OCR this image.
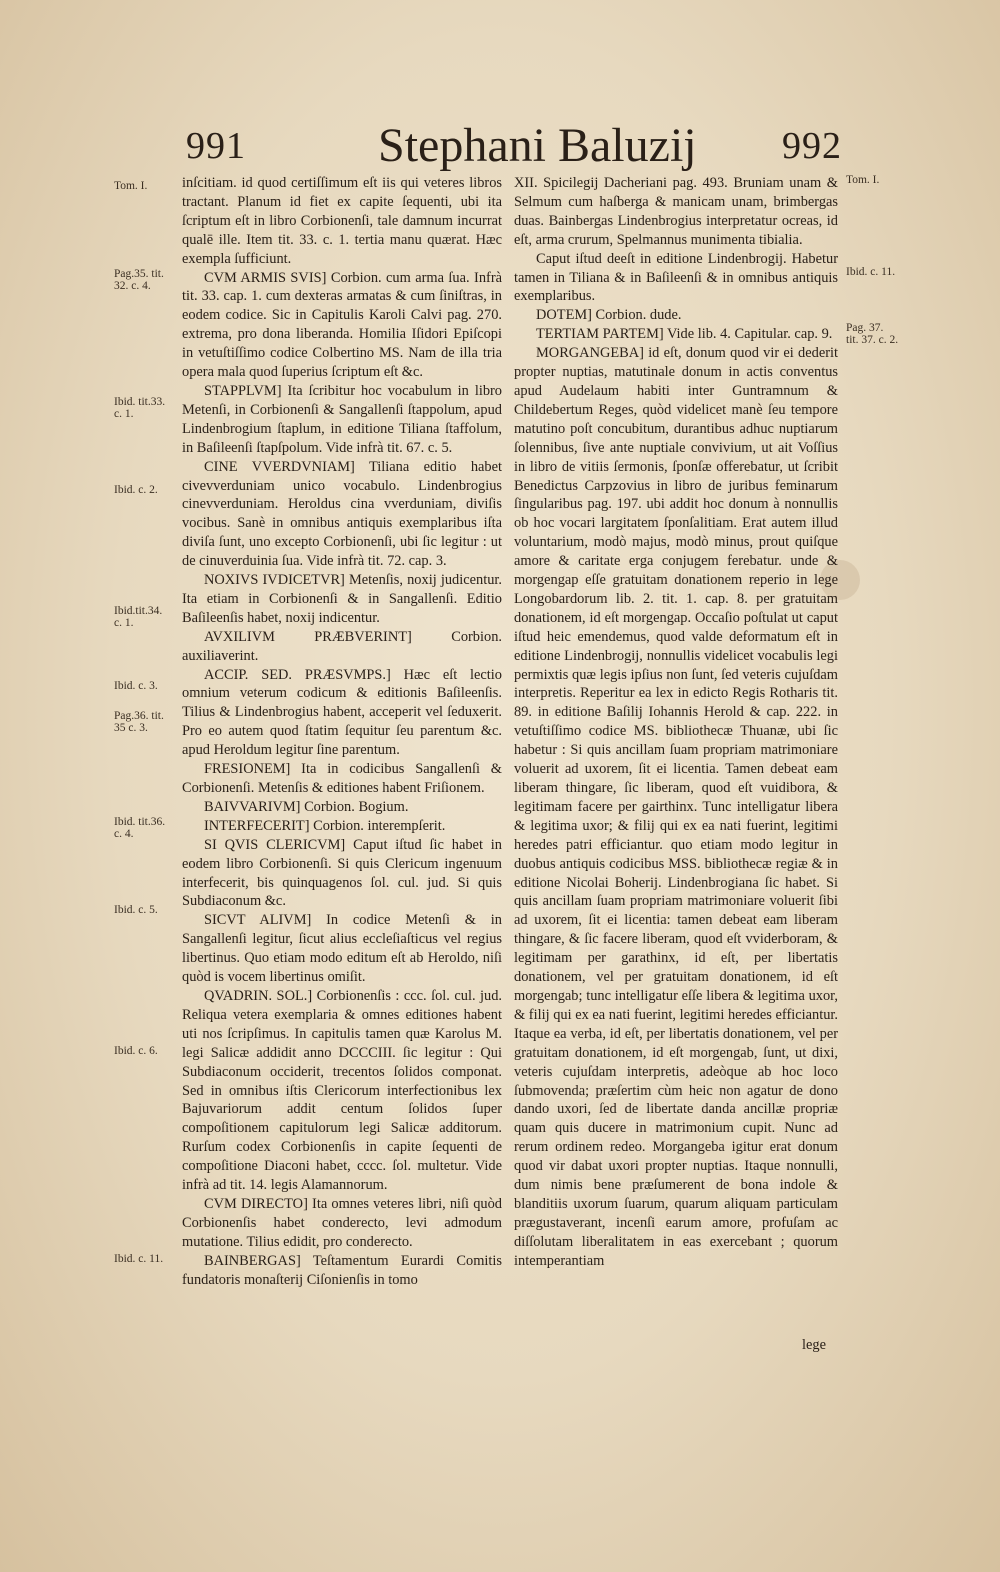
991	Stephani Baluzij 992
Tom. I.
Pag.35. tit.
32. c. 4.
Ibid. tit.33.
c. 1.
Ibid. c. 2.
Ibid.tit.34.
c. 1.
Ibid. c. 3.
Pag.36. tit.
35 c. 3.
Ibid. tit.36.
c. 4.
Ibid. c. 5.
Ibid. c. 6.
Ibid. c. 11.
Tom. I.
Ibid. c. 11.
Pag. 37.
tit. 37. c. 2.

inſcitiam. id quod certiſſimum eſt iis qui veteres libros tractant. Planum id fiet ex capite ſequenti, ubi ita ſcriptum eſt in libro Corbionenſi, tale damnum incurrat qualē ille. Item tit. 33. c. 1. tertia manu quærat. Hæc exempla ſufficiunt.

CVM ARMIS SVIS] Corbion. cum arma ſua. Infrà tit. 33. cap. 1. cum dexteras armatas & cum ſiniſtras, in eodem codice. Sic in Capitulis Karoli Calvi pag. 270. extrema, pro dona liberanda. Homilia Iſidori Epiſcopi in vetuſtiſſimo codice Colbertino MS. Nam de illa tria opera mala quod ſuperius ſcriptum eſt &c.

STAPPLVM] Ita ſcribitur hoc vocabulum in libro Metenſi, in Corbionenſi & Sangallenſi ſtappolum, apud Lindenbrogium ſtaplum, in editione Tiliana ſtaffolum, in Baſileenſi ſtapſpolum. Vide infrà tit. 67. c. 5.

CINE VVERDVNIAM] Tiliana editio habet civevverduniam unico vocabulo. Lindenbrogius cinevverduniam. Heroldus cina vverduniam, diviſis vocibus. Sanè in omnibus antiquis exemplaribus iſta diviſa ſunt, uno excepto Corbionenſi, ubi ſic legitur : ut de cinuverduinia ſua. Vide infrà tit. 72. cap. 3.

NOXIVS IVDICETVR] Metenſis, noxij judicentur. Ita etiam in Corbionenſi & in Sangallenſi. Editio Baſileenſis habet, noxij indicentur.

AVXILIVM PRÆBVERINT] Corbion. auxiliaverint.

ACCIP. SED. PRÆSVMPS.] Hæc eſt lectio omnium veterum codicum & editionis Baſileenſis. Tilius & Lindenbrogius habent, acceperit vel ſeduxerit. Pro eo autem quod ſtatim ſequitur ſeu parentum &c. apud Heroldum legitur ſine parentum.

FRESIONEM] Ita in codicibus Sangallenſi & Corbionenſi. Metenſis & editiones habent Friſionem.

BAIVVARIVM] Corbion. Bogium.

INTERFECERIT] Corbion. interempſerit.

SI QVIS CLERICVM] Caput iſtud ſic habet in eodem libro Corbionenſi. Si quis Clericum ingenuum interfecerit, bis quinquagenos ſol. cul. jud. Si quis Subdiaconum &c.

SICVT ALIVM] In codice Metenſi & in Sangallenſi legitur, ſicut alius eccleſiaſticus vel regius libertinus. Quo etiam modo editum eſt ab Heroldo, niſi quòd is vocem libertinus omiſit.

QVADRIN. SOL.] Corbionenſis : ccc. ſol. cul. jud. Reliqua vetera exemplaria & omnes editiones habent uti nos ſcripſimus. In capitulis tamen quæ Karolus M. legi Salicæ addidit anno DCCCIII. ſic legitur : Qui Subdiaconum occiderit, trecentos ſolidos componat. Sed in omnibus iſtis Clericorum interfectionibus lex Bajuvariorum addit centum ſolidos ſuper compoſitionem capitulorum legi Salicæ additorum. Rurſum codex Corbionenſis in capite ſequenti de compoſitione Diaconi habet, cccc. ſol. multetur. Vide infrà ad tit. 14. legis Alamannorum.

CVM DIRECTO] Ita omnes veteres libri, niſi quòd Corbionenſis habet conderecto, levi admodum mutatione. Tilius edidit, pro conderecto.

BAINBERGAS] Teſtamentum Eurardi Comitis fundatoris monaſterij Ciſonienſis in tomo

XII. Spicilegij Dacheriani pag. 493. Bruniam unam & Selmum cum haſberga & manicam unam, brimbergas duas. Bainbergas Lindenbrogius interpretatur ocreas, id eſt, arma crurum, Spelmannus munimenta tibialia.

Caput iſtud deeſt in editione Lindenbrogij. Habetur tamen in Tiliana & in Baſileenſi & in omnibus antiquis exemplaribus.

DOTEM] Corbion. dude.

TERTIAM PARTEM] Vide lib. 4. Capitular. cap. 9.

MORGANGEBA] id eſt, donum quod vir ei dederit propter nuptias, matutinale donum in actis conventus apud Audelaum habiti inter Guntramnum & Childebertum Reges, quòd videlicet manè ſeu tempore matutino poſt concubitum, durantibus adhuc nuptiarum ſolennibus, ſive ante nuptiale convivium, ut ait Voſſius in libro de vitiis ſermonis, ſponſæ offerebatur, ut ſcribit Benedictus Carpzovius in libro de juribus feminarum ſingularibus pag. 197. ubi addit hoc donum à nonnullis ob hoc vocari largitatem ſponſalitiam. Erat autem illud voluntarium, modò majus, modò minus, prout quiſque amore & caritate erga conjugem ferebatur. unde & morgengap eſſe gratuitam donationem reperio in lege Longobardorum lib. 2. tit. 1. cap. 8. per gratuitam donationem, id eſt morgengap. Occaſio poſtulat ut caput iſtud heic emendemus, quod valde deformatum eſt in editione Lindenbrogij, nonnullis videlicet vocabulis legi permixtis quæ legis ipſius non ſunt, ſed veteris cujuſdam interpretis. Reperitur ea lex in edicto Regis Rotharis tit. 89. in editione Baſilij Iohannis Herold & cap. 222. in vetuſtiſſimo codice MS. bibliothecæ Thuanæ, ubi ſic habetur : Si quis ancillam ſuam propriam matrimoniare voluerit ad uxorem, ſit ei licentia. Tamen debeat eam liberam thingare, ſic liberam, quod eſt vuidibora, & legitimam facere per gairthinx. Tunc intelligatur libera & legitima uxor; & filij qui ex ea nati fuerint, legitimi heredes patri efficiantur. quo etiam modo legitur in duobus antiquis codicibus MSS. bibliothecæ regiæ & in editione Nicolai Boherij. Lindenbrogiana ſic habet. Si quis ancillam ſuam propriam matrimoniare voluerit ſibi ad uxorem, ſit ei licentia: tamen debeat eam liberam thingare, & ſic facere liberam, quod eſt vviderboram, & legitimam per garathinx, id eſt, per libertatis donationem, vel per gratuitam donationem, id eſt morgengab; tunc intelligatur eſſe libera & legitima uxor, & filij qui ex ea nati fuerint, legitimi heredes efficiantur. Itaque ea verba, id eſt, per libertatis donationem, vel per gratuitam donationem, id eſt morgengab, ſunt, ut dixi, veteris cujuſdam interpretis, adeòque ab hoc loco ſubmovenda; præſertim cùm heic non agatur de dono dando uxori, ſed de libertate danda ancillæ propriæ quam quis ducere in matrimonium cupit. Nunc ad rerum ordinem redeo. Morgangeba igitur erat donum quod vir dabat uxori propter nuptias. Itaque nonnulli, dum nimis bene præſumerent de bona indole & blanditiis uxorum ſuarum, quarum aliquam particulam prægustaverant, incenſi earum amore, profuſam ac diſſolutam liberalitatem in eas exercebant ; quorum intemperantiam

lege
